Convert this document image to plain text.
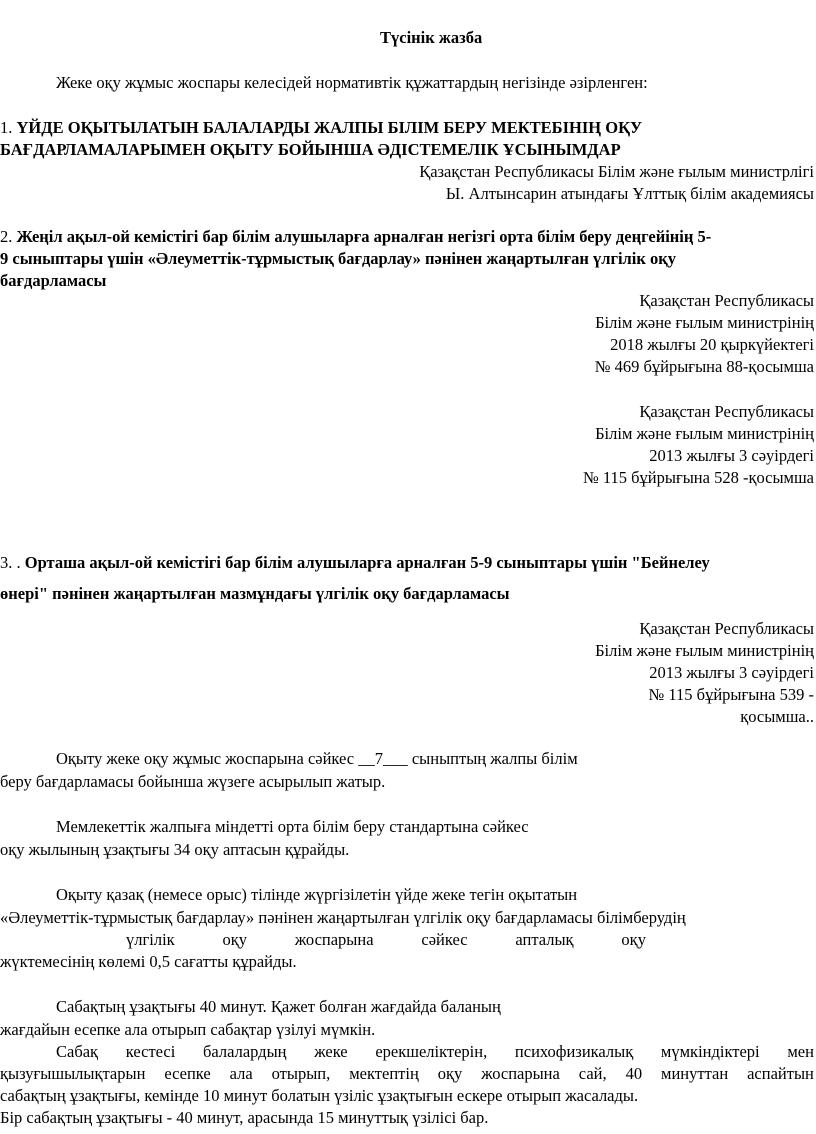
Түсінік жазба
Жеке оқу жұмыс жоспары келесідей нормативтік құжаттардың негізінде әзірленген:
1. ҮЙДЕ ОҚЫТЫЛАТЫН БАЛАЛАРДЫ ЖАЛПЫ БІЛІМ БЕРУ МЕКТЕБІНІҢ ОҚУ
БАҒДАРЛАМАЛАРЫМЕН ОҚЫТУ БОЙЫНША ӘДІСТЕМЕЛІК ҰСЫНЫМДАР
Қазақстан Республикасы Білім және ғылым министрлігі
Ы. Алтынсарин атындағы Ұлттық білім академиясы
2. Жеңіл ақыл-ой кемістігі бар білім алушыларға арналған негізгі орта білім беру деңгейінің 5-
9 сыныптары үшін «Әлеуметтік-тұрмыстық бағдарлау» пәнінен жаңартылған үлгілік оқу
бағдарламасы
Қазақстан Республикасы
Білім және ғылым министрінің
2018 жылғы 20 қыркүйектегі
№ 469 бұйрығына 88-қосымша
Қазақстан Республикасы
Білім және ғылым министрінің
2013 жылғы 3 сәуірдегі
№ 115 бұйрығына 528 -қосымша
3. . Орташа ақыл-ой кемістігі бар білім алушыларға арналған 5-9 сыныптары үшін "Бейнелеу
өнері" пәнінен жаңартылған мазмұндағы үлгілік оқу бағдарламасы
Қазақстан Республикасы
Білім және ғылым министрінің
2013 жылғы 3 сәуірдегі
№ 115 бұйрығына 539 -
қосымша..
Оқыту жеке оқу жұмыс жоспарына сәйкес __7___ сыныптың жалпы білім
беру бағдарламасы бойынша жүзеге асырылып жатыр.
Мемлекеттік жалпыға міндетті орта білім беру стандартына сәйкес
оқу жылының ұзақтығы 34 оқу аптасын құрайды.
Оқыту қазақ (немесе орыс) тілінде жүргізілетін үйде жеке тегін оқытатын
«Әлеуметтік-тұрмыстық бағдарлау» пәнінен жаңартылған үлгілік оқу бағдарламасы білімберудің
үлгілік	оқу	жоспарына	сәйкес	апталық	оқу
жүктемесінің көлемі 0,5 сағатты құрайды.
Сабақтың ұзақтығы 40 минут. Қажет болған жағдайда баланың
жағдайын есепке ала отырып сабақтар үзілуі мүмкін.
Сабақ кестесі балалардың жеке ерекшеліктерін, психофизикалық мүмкіндіктері мен
қызуғышылықтарын есепке ала отырып, мектептің оқу жоспарына сай, 40 минуттан аспайтын
сабақтың ұзақтығы, кемінде 10 минут болатын үзіліс ұзақтығын ескере отырып жасалады.
Бір сабақтың ұзақтығы - 40 минут, арасында 15 минуттық үзілісі бар.
